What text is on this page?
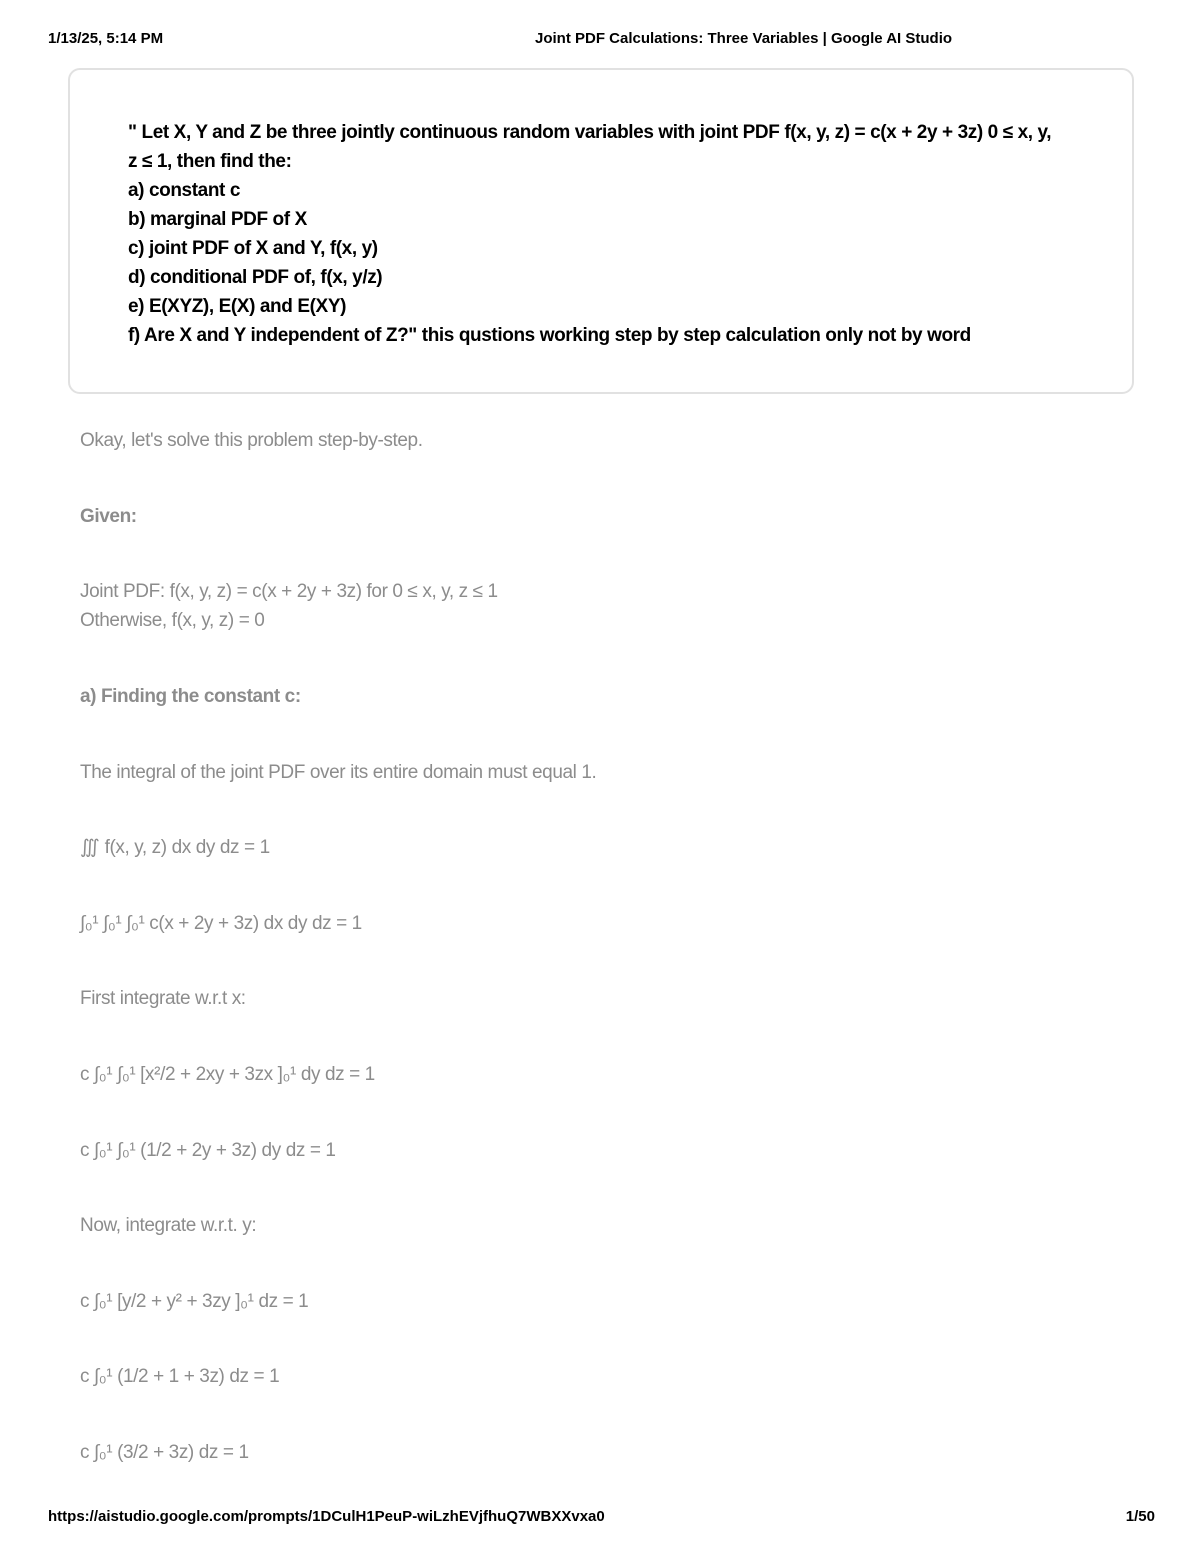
1/13/25, 5:14 PM	Joint PDF Calculations: Three Variables | Google AI Studio
" Let X, Y and Z be three jointly continuous random variables with joint PDF f(x, y, z) = c(x + 2y + 3z) 0 ≤ x, y,
z ≤ 1, then find the:
a) constant c
b) marginal PDF of X
c) joint PDF of X and Y, f(x, y)
d) conditional PDF of, f(x, y/z)
e) E(XYZ), E(X) and E(XY)
f) Are X and Y independent of Z?" this qustions working step by step calculation only not by word
Okay, let's solve this problem step-by-step.
Given:
Joint PDF: f(x, y, z) = c(x + 2y + 3z) for 0 ≤ x, y, z ≤ 1
Otherwise, f(x, y, z) = 0
a) Finding the constant c:
The integral of the joint PDF over its entire domain must equal 1.
∭ f(x, y, z) dx dy dz = 1
∫₀¹ ∫₀¹ ∫₀¹ c(x + 2y + 3z) dx dy dz = 1
First integrate w.r.t x:
c ∫₀¹ ∫₀¹ [x²/2 + 2xy + 3zx ]₀¹ dy dz = 1
c ∫₀¹ ∫₀¹ (1/2 + 2y + 3z) dy dz = 1
Now, integrate w.r.t. y:
c ∫₀¹ [y/2 + y² + 3zy ]₀¹ dz = 1
c ∫₀¹ (1/2 + 1 + 3z) dz = 1
c ∫₀¹ (3/2 + 3z) dz = 1
https://aistudio.google.com/prompts/1DCulH1PeuP-wiLzhEVjfhuQ7WBXXvxa0	1/50
